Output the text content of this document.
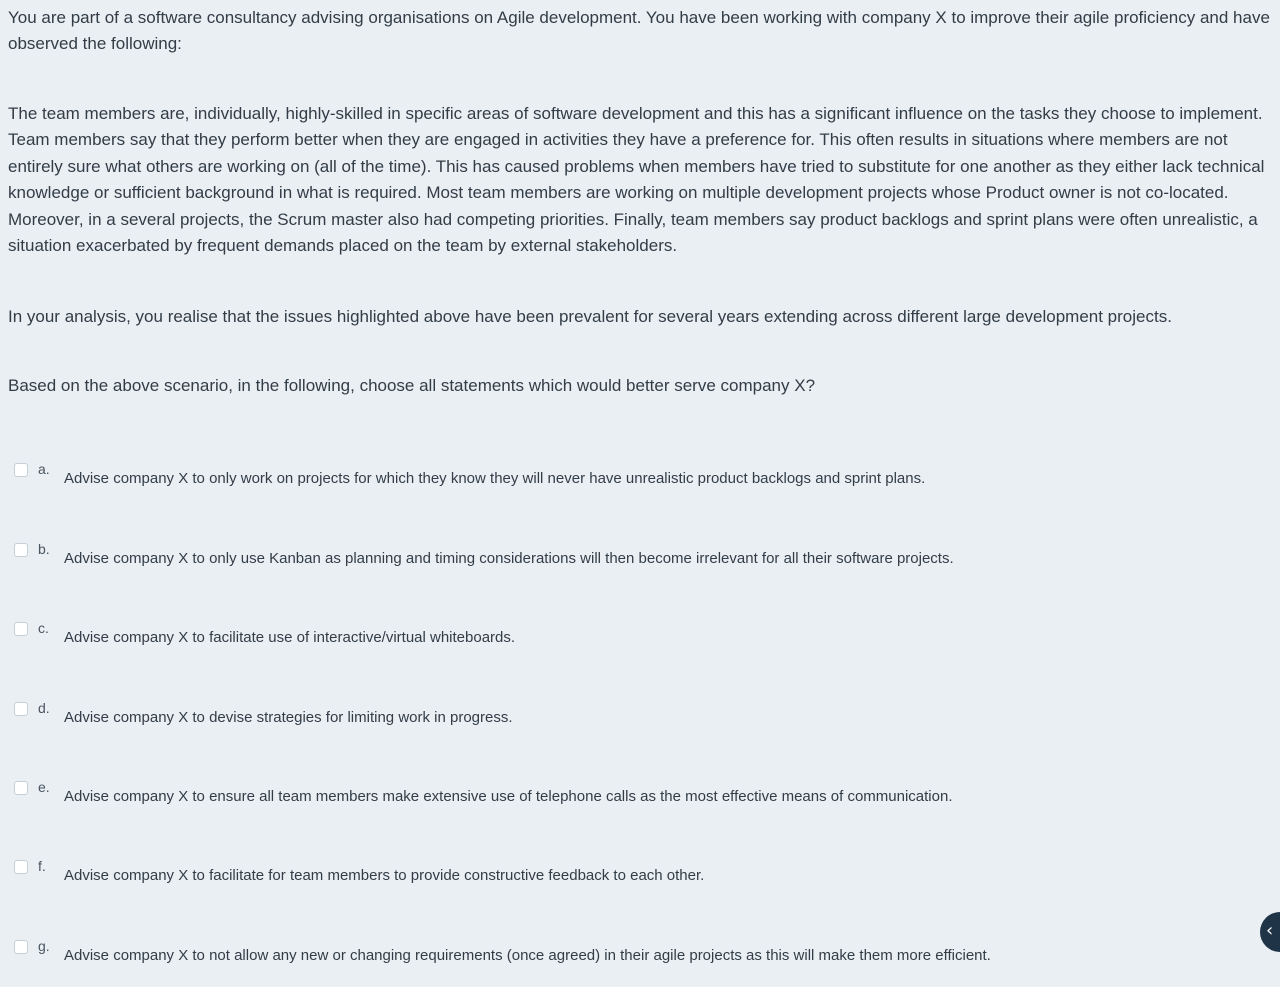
You are part of a software consultancy advising organisations on Agile development. You have been working with company X to improve their agile proficiency and have observed the following:

The team members are, individually, highly-skilled in specific areas of software development and this has a significant influence on the tasks they choose to implement. Team members say that they perform better when they are engaged in activities they have a preference for. This often results in situations where members are not entirely sure what others are working on (all of the time). This has caused problems when members have tried to substitute for one another as they either lack technical knowledge or sufficient background in what is required. Most team members are working on multiple development projects whose Product owner is not co-located. Moreover, in a several projects, the Scrum master also had competing priorities. Finally, team members say product backlogs and sprint plans were often unrealistic, a situation exacerbated by frequent demands placed on the team by external stakeholders.

In your analysis, you realise that the issues highlighted above have been prevalent for several years extending across different large development projects.

Based on the above scenario, in the following, choose all statements which would better serve company X?

a.
Advise company X to only work on projects for which they know they will never have unrealistic product backlogs and sprint plans.
b.
Advise company X to only use Kanban as planning and timing considerations will then become irrelevant for all their software projects.
c.
Advise company X to facilitate use of interactive/virtual whiteboards.
d.
Advise company X to devise strategies for limiting work in progress.
e.
Advise company X to ensure all team members make extensive use of telephone calls as the most effective means of communication.
f.
Advise company X to facilitate for team members to provide constructive feedback to each other.
g.
Advise company X to not allow any new or changing requirements (once agreed) in their agile projects as this will make them more efficient.
‹
